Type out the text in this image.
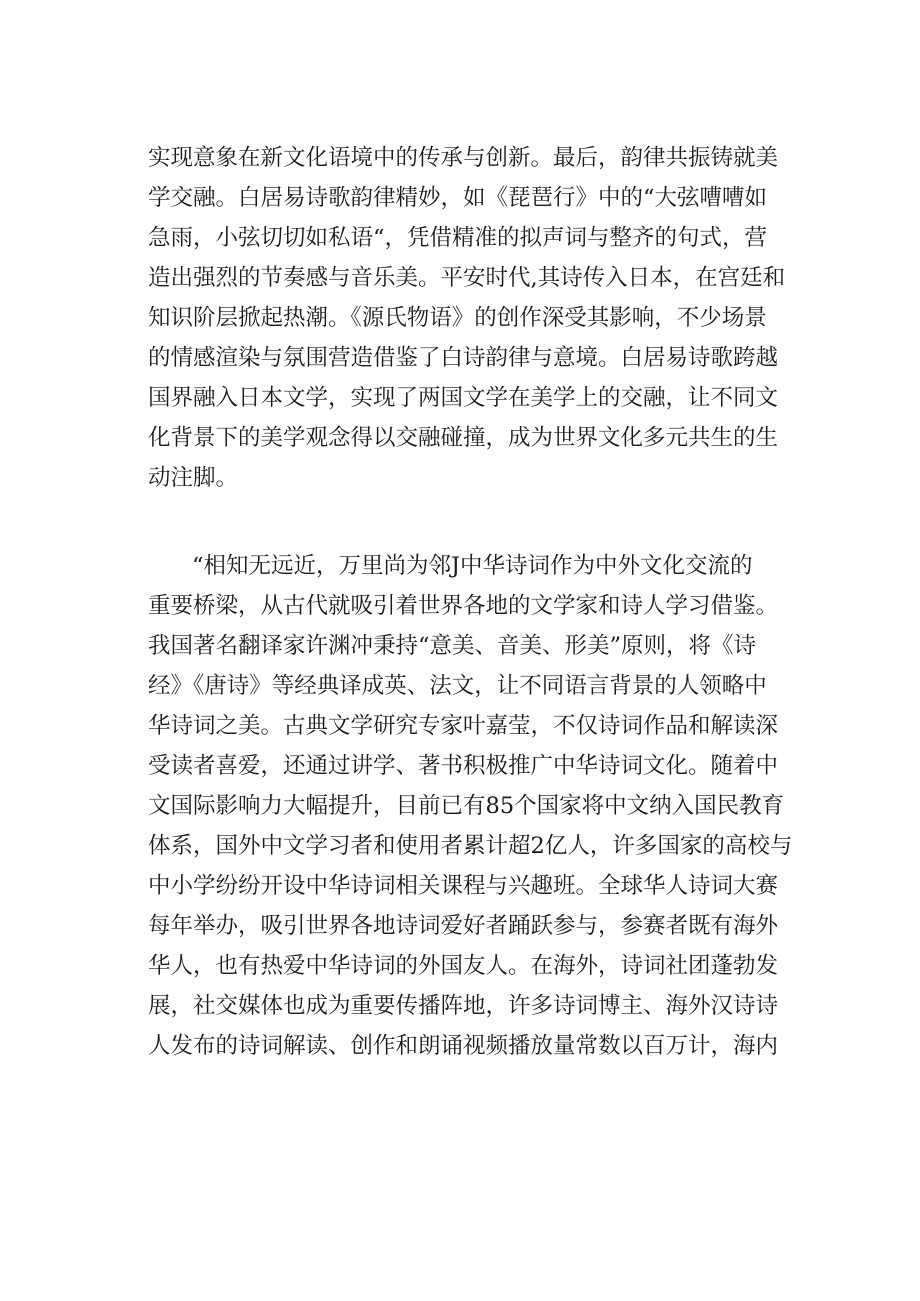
实现意象在新文化语境中的传承与创新。最后，韵律共振铸就美
学交融。白居易诗歌韵律精妙，如《琵琶行》中的“大弦嘈嘈如
急雨，小弦切切如私语“，凭借精准的拟声词与整齐的句式，营
造出强烈的节奏感与音乐美。平安时代,其诗传入日本，在宫廷和
知识阶层掀起热潮。《源氏物语》的创作深受其影响，不少场景
的情感渲染与氛围营造借鉴了白诗韵律与意境。白居易诗歌跨越
国界融入日本文学，实现了两国文学在美学上的交融，让不同文
化背景下的美学观念得以交融碰撞，成为世界文化多元共生的生
动注脚。
“相知无远近，万里尚为邻J中华诗词作为中外文化交流的
重要桥梁，从古代就吸引着世界各地的文学家和诗人学习借鉴。
我国著名翻译家许渊冲秉持“意美、音美、形美”原则，将《诗
经》《唐诗》等经典译成英、法文，让不同语言背景的人领略中
华诗词之美。古典文学研究专家叶嘉莹，不仅诗词作品和解读深
受读者喜爱，还通过讲学、著书积极推广中华诗词文化。随着中
文国际影响力大幅提升，目前已有85个国家将中文纳入国民教育
体系，国外中文学习者和使用者累计超2亿人，许多国家的高校与
中小学纷纷开设中华诗词相关课程与兴趣班。全球华人诗词大赛
每年举办，吸引世界各地诗词爱好者踊跃参与，参赛者既有海外
华人，也有热爱中华诗词的外国友人。在海外，诗词社团蓬勃发
展，社交媒体也成为重要传播阵地，许多诗词博主、海外汉诗诗
人发布的诗词解读、创作和朗诵视频播放量常数以百万计，海内
